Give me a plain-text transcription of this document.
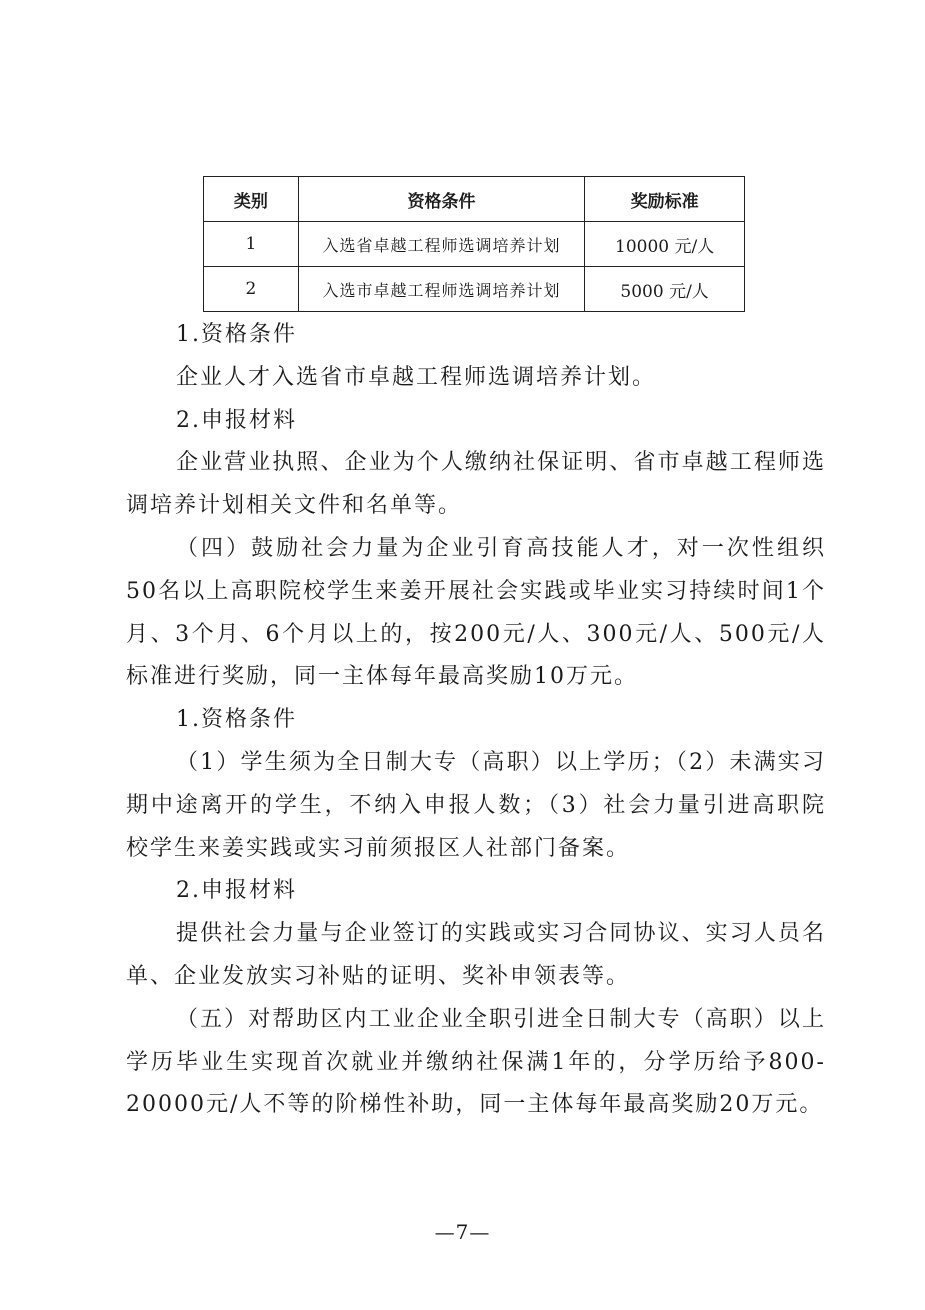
类别	资格条件	奖励标准
1	入选省卓越工程师选调培养计划	10000 元/人
2	入选市卓越工程师选调培养计划	5000 元/人

1.资格条件

企业人才入选省市卓越工程师选调培养计划。

2.申报材料

企业营业执照、企业为个人缴纳社保证明、省市卓越工程师选调培养计划相关文件和名单等。

（四）鼓励社会力量为企业引育高技能人才，对一次性组织50名以上高职院校学生来姜开展社会实践或毕业实习持续时间1个月、3个月、6个月以上的，按200元/人、300元/人、500元/人标准进行奖励，同一主体每年最高奖励10万元。

1.资格条件

（1）学生须为全日制大专（高职）以上学历；（2）未满实习期中途离开的学生，不纳入申报人数；（3）社会力量引进高职院校学生来姜实践或实习前须报区人社部门备案。

2.申报材料

提供社会力量与企业签订的实践或实习合同协议、实习人员名单、企业发放实习补贴的证明、奖补申领表等。

（五）对帮助区内工业企业全职引进全日制大专（高职）以上学历毕业生实现首次就业并缴纳社保满1年的，分学历给予800-20000元/人不等的阶梯性补助，同一主体每年最高奖励20万元。

—7—
